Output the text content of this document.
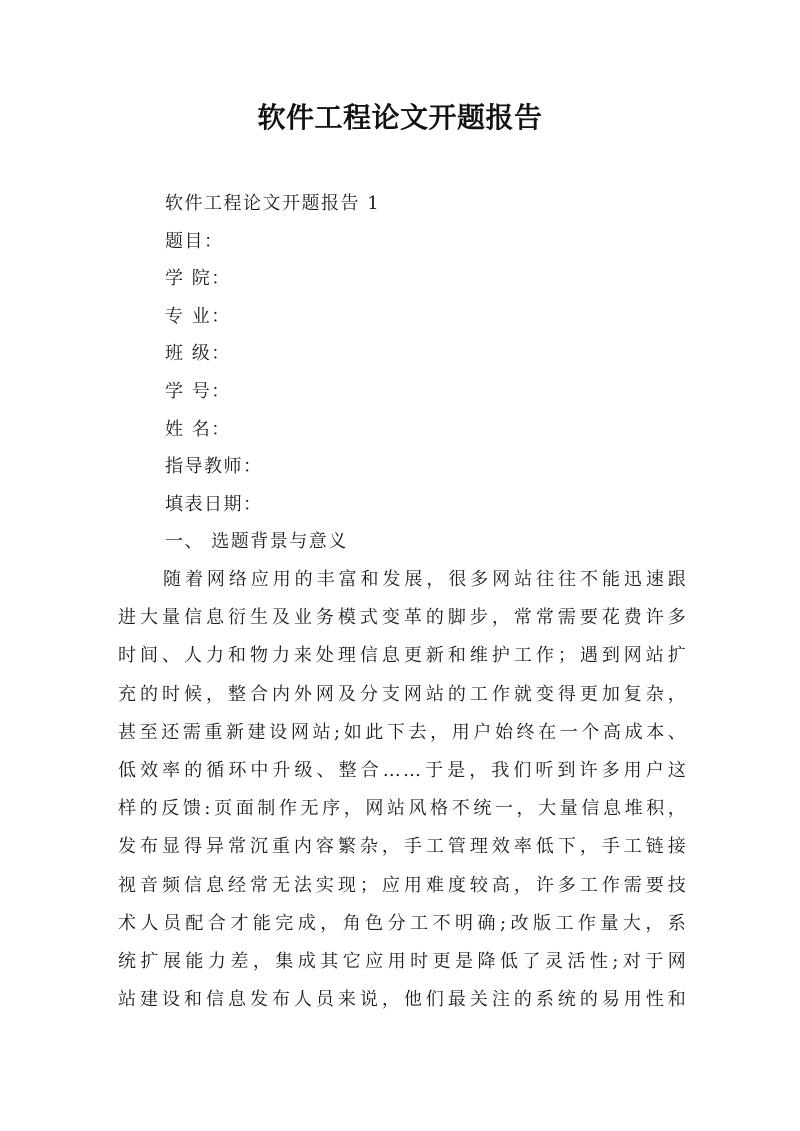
软件工程论文开题报告
软件工程论文开题报告 1
题目：
学 院：
专 业：
班 级：
学 号：
姓 名：
指导教师：
填表日期：
一、 选题背景与意义
随着网络应用的丰富和发展，很多网站往往不能迅速跟
进大量信息衍生及业务模式变革的脚步，常常需要花费许多
时间、人力和物力来处理信息更新和维护工作；遇到网站扩
充的时候，整合内外网及分支网站的工作就变得更加复杂，
甚至还需重新建设网站;如此下去，用户始终在一个高成本、
低效率的循环中升级、整合……于是，我们听到许多用户这
样的反馈:页面制作无序，网站风格不统一，大量信息堆积，
发布显得异常沉重内容繁杂，手工管理效率低下，手工链接
视音频信息经常无法实现；应用难度较高，许多工作需要技
术人员配合才能完成，角色分工不明确;改版工作量大，系
统扩展能力差，集成其它应用时更是降低了灵活性;对于网
站建设和信息发布人员来说，他们最关注的系统的易用性和
